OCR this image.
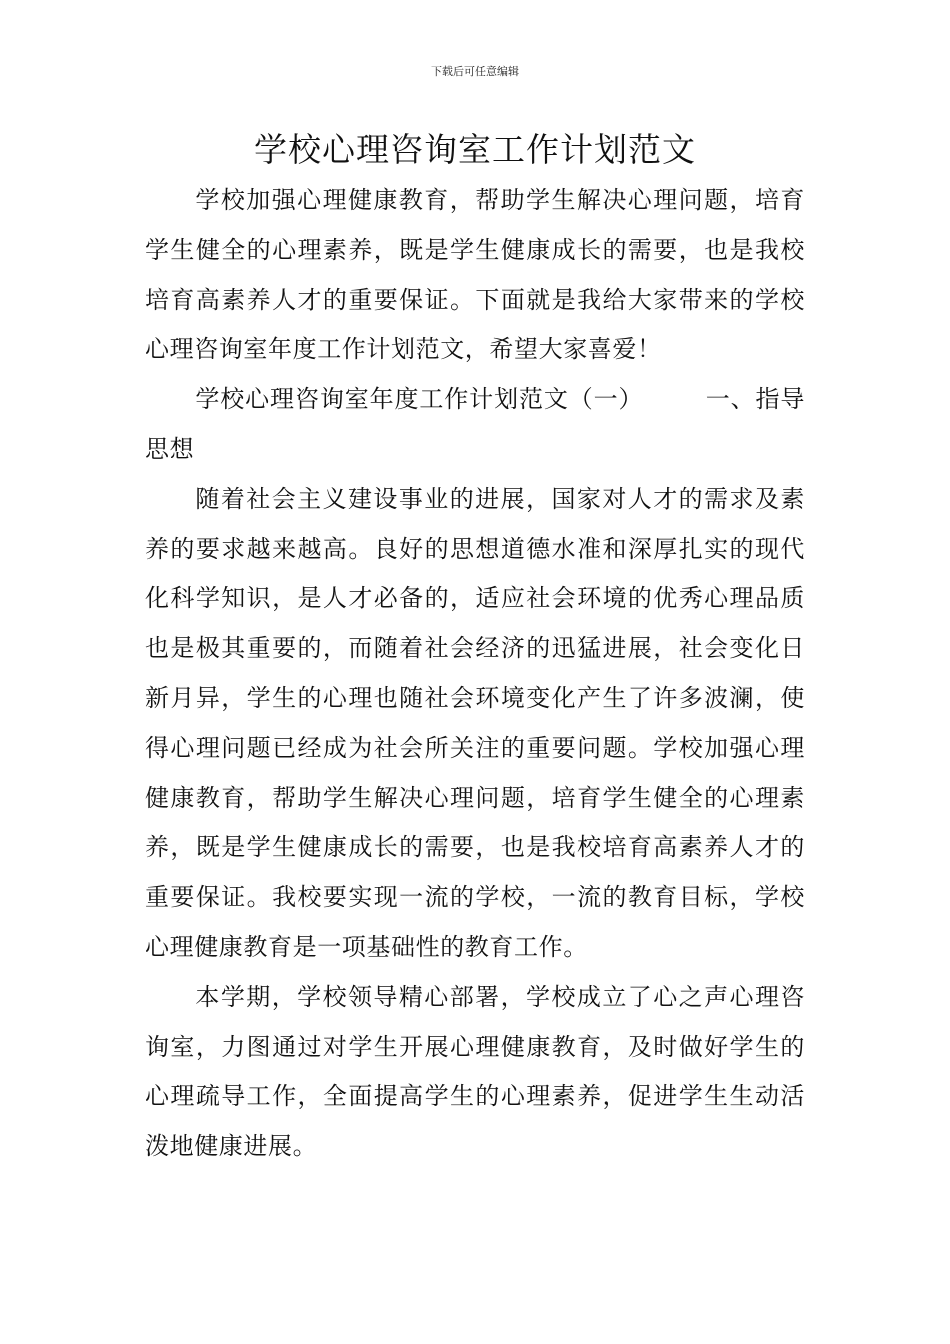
下载后可任意编辑
学校心理咨询室工作计划范文

学校加强心理健康教育，帮助学生解决心理问题，培育学生健全的心理素养，既是学生健康成长的需要，也是我校培育高素养人才的重要保证。下面就是我给大家带来的学校心理咨询室年度工作计划范文，希望大家喜爱！

学校心理咨询室年度工作计划范文（一）	一、指导思想

随着社会主义建设事业的进展，国家对人才的需求及素养的要求越来越高。良好的思想道德水准和深厚扎实的现代化科学知识，是人才必备的，适应社会环境的优秀心理品质也是极其重要的，而随着社会经济的迅猛进展，社会变化日新月异，学生的心理也随社会环境变化产生了许多波澜，使得心理问题已经成为社会所关注的重要问题。学校加强心理健康教育，帮助学生解决心理问题，培育学生健全的心理素养，既是学生健康成长的需要，也是我校培育高素养人才的重要保证。我校要实现一流的学校，一流的教育目标，学校心理健康教育是一项基础性的教育工作。

本学期，学校领导精心部署，学校成立了心之声心理咨询室，力图通过对学生开展心理健康教育，及时做好学生的心理疏导工作，全面提高学生的心理素养，促进学生生动活泼地健康进展。
